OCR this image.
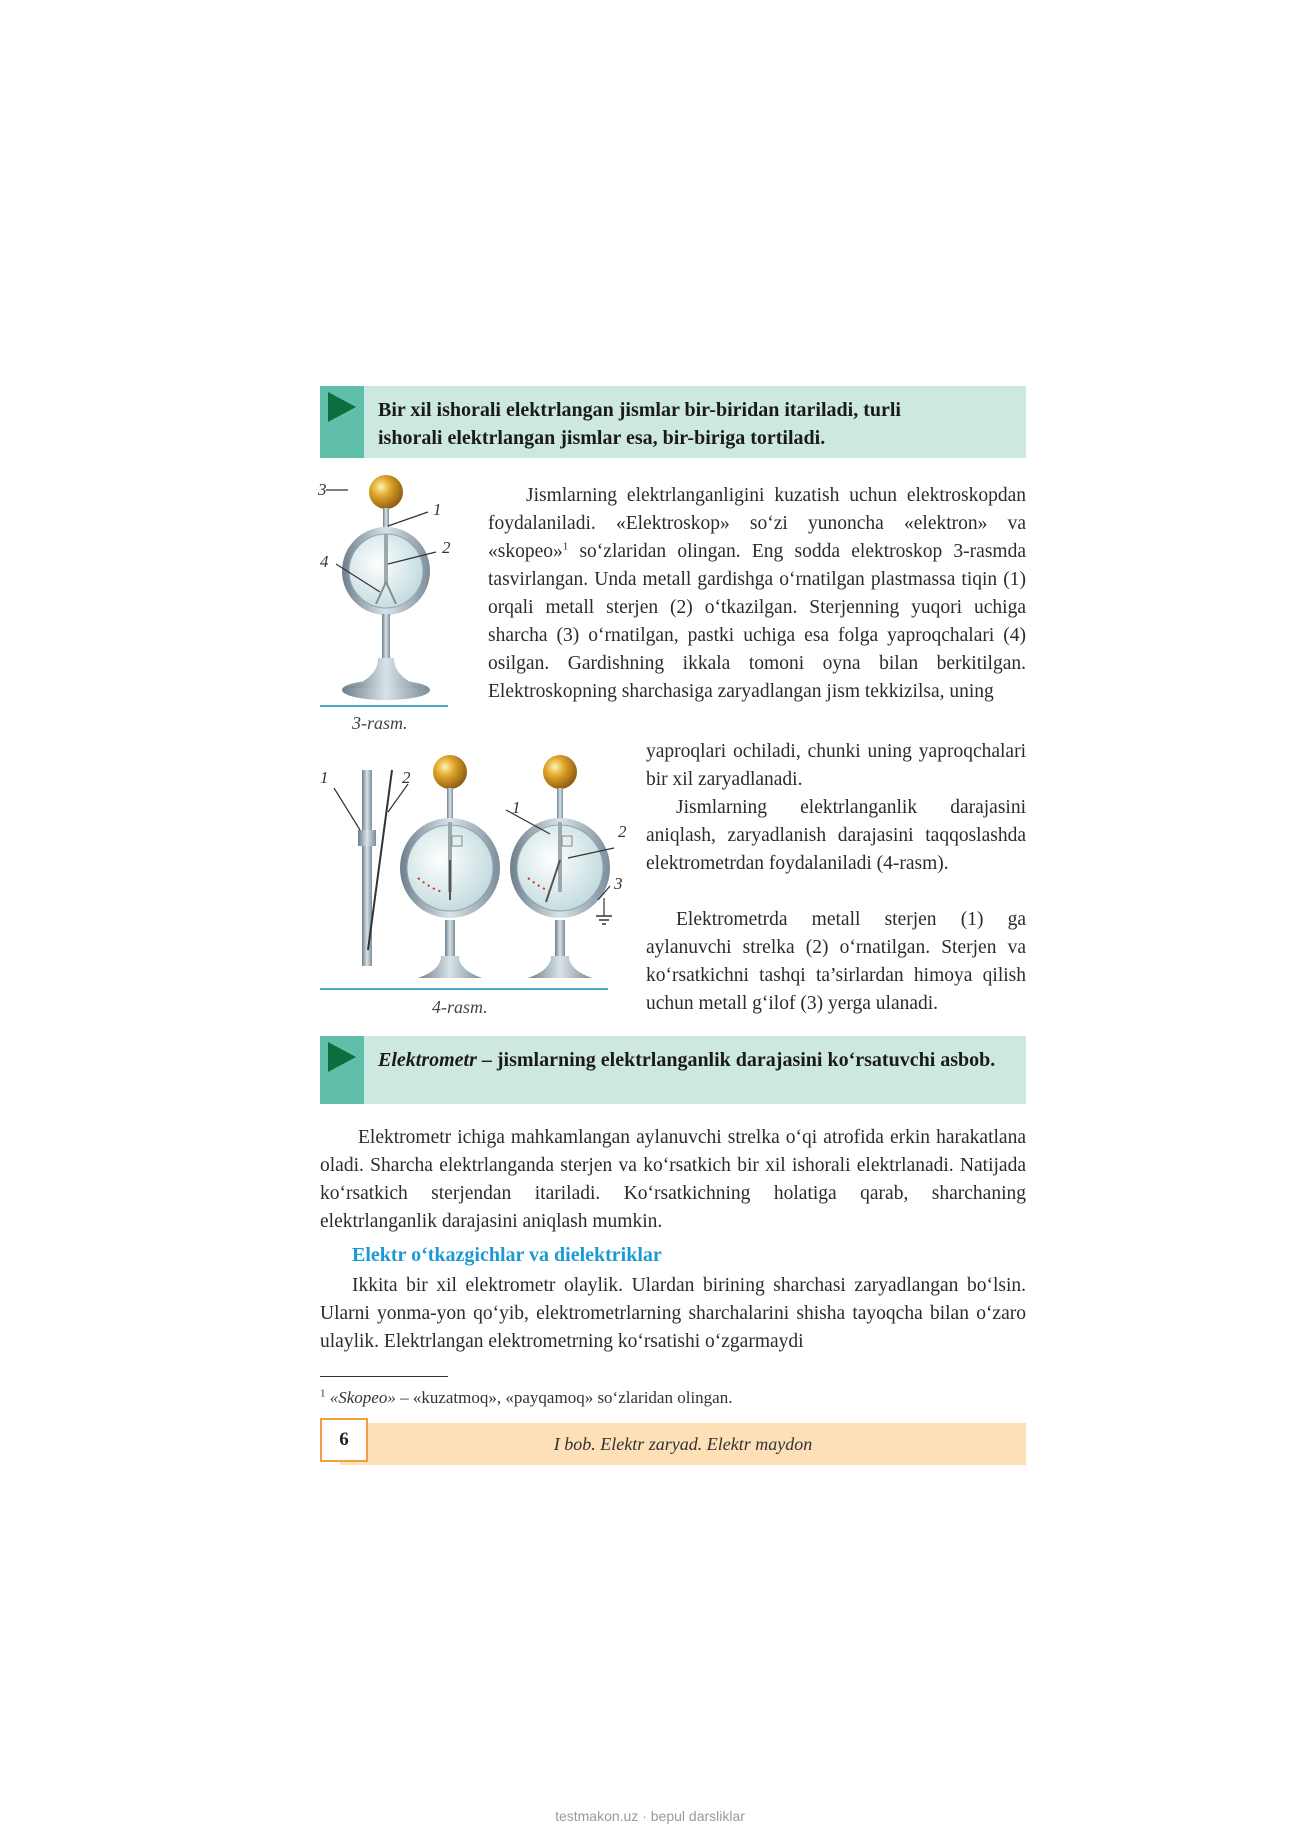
Bir xil ishorali elektrlangan jismlar bir-biridan itariladi, turli
ishorali elektrlangan jismlar esa, bir-biriga tortiladi.
3
1
2
4
3-rasm.
Jismlarning elektrlanganligini kuzatish uchun elektroskopdan foydalaniladi. «Elektroskop» so‘zi yunoncha «elektron» va «skopeo»$^1$ so‘zlaridan olingan. Eng sodda elektroskop 3-rasmda tasvirlangan. Unda metall gardishga o‘rnatilgan plastmassa tiqin (1) orqali metall sterjen (2) o‘tkazilgan. Sterjenning yuqori uchiga sharcha (3) o‘rnatilgan, pastki uchiga esa folga yaproqchalari (4) osilgan. Gardishning ikkala tomoni oyna bilan berkitilgan. Elektroskopning sharchasiga zaryadlangan jism tekkizilsa, uning
yaproqlari ochiladi, chunki uning yaproqchalari bir xil zaryadlanadi.
1	2
1
2
3
4-rasm.
Jismlarning elektrlanganlik darajasini aniqlash, zaryadlanish darajasini taqqoslashda elektrometrdan foydalaniladi (4-rasm).
Elektrometrda metall sterjen (1) ga aylanuvchi strelka (2) o‘rnatilgan. Sterjen va ko‘rsatkichni tashqi ta’sirlardan himoya qilish uchun metall g‘ilof (3) yerga ulanadi.
Elektrometr – jismlarning elektrlanganlik darajasini ko‘rsatuvchi asbob.
Elektrometr ichiga mahkamlangan aylanuvchi strelka o‘qi atrofida erkin harakatlana oladi. Sharcha elektrlanganda sterjen va ko‘rsatkich bir xil ishorali elektrlanadi. Natijada ko‘rsatkich sterjendan itariladi. Ko‘rsatkichning holatiga qarab, sharchaning elektrlanganlik darajasini aniqlash mumkin.
Elektr o‘tkazgichlar va dielektriklar
Ikkita bir xil elektrometr olaylik. Ulardan birining sharchasi zaryadlangan bo‘lsin. Ularni yonma-yon qo‘yib, elektrometrlarning sharchalarini shisha tayoqcha bilan o‘zaro ulaylik. Elektrlangan elektrometrning ko‘rsatishi o‘zgarmaydi
$^1$ «Skopeo» – «kuzatmoq», «payqamoq» so‘zlaridan olingan.
I bob. Elektr zaryad. Elektr maydon
6
testmakon.uz · bepul darsliklar
